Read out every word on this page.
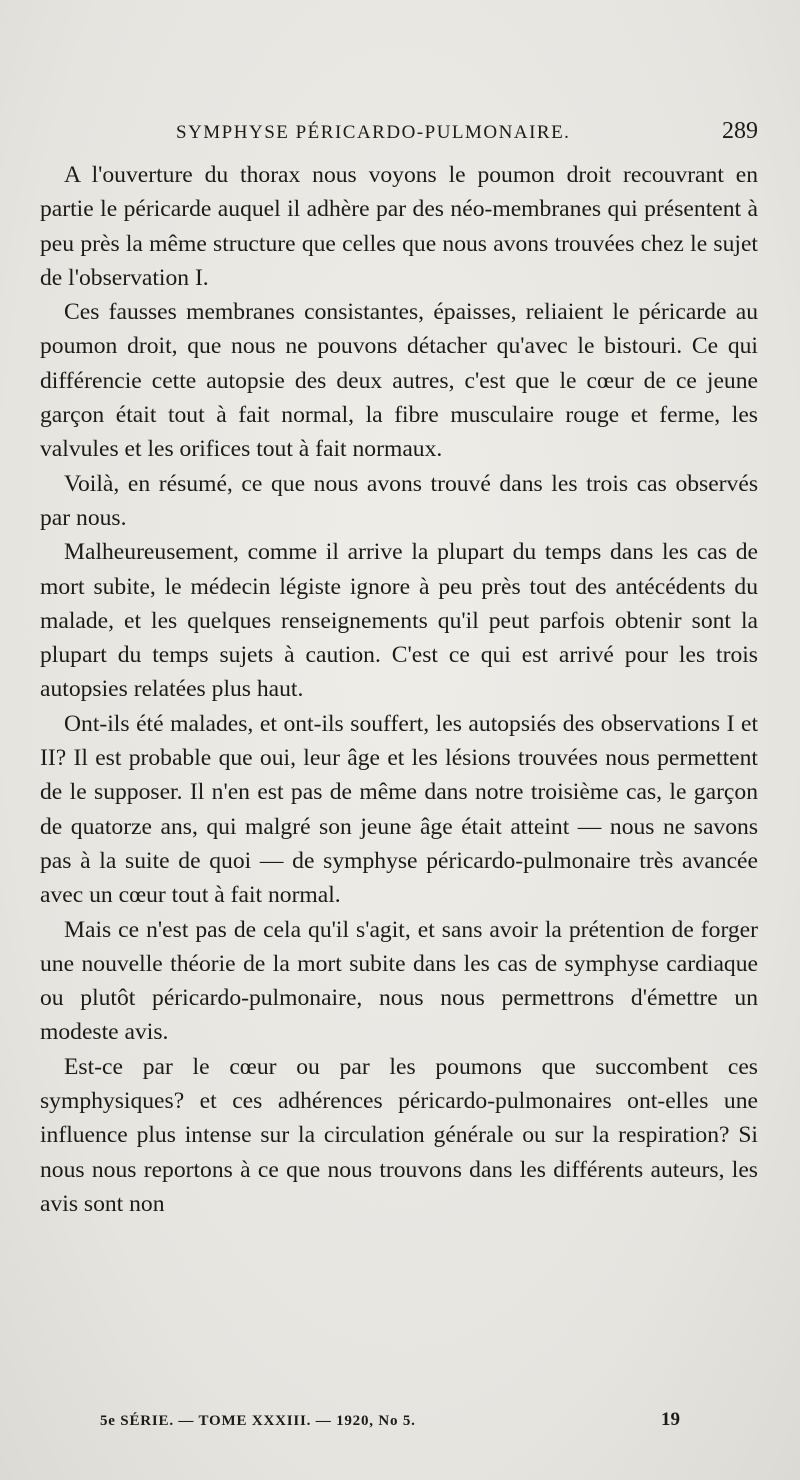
SYMPHYSE PÉRICARDO-PULMONAIRE.	289

A l'ouverture du thorax nous voyons le poumon droit recouvrant en partie le péricarde auquel il adhère par des néo-membranes qui présentent à peu près la même structure que celles que nous avons trouvées chez le sujet de l'observation I.

Ces fausses membranes consistantes, épaisses, reliaient le péricarde au poumon droit, que nous ne pouvons détacher qu'avec le bistouri. Ce qui différencie cette autopsie des deux autres, c'est que le cœur de ce jeune garçon était tout à fait normal, la fibre musculaire rouge et ferme, les valvules et les orifices tout à fait normaux.

Voilà, en résumé, ce que nous avons trouvé dans les trois cas observés par nous.

Malheureusement, comme il arrive la plupart du temps dans les cas de mort subite, le médecin légiste ignore à peu près tout des antécédents du malade, et les quelques renseignements qu'il peut parfois obtenir sont la plupart du temps sujets à caution. C'est ce qui est arrivé pour les trois autopsies relatées plus haut.

Ont-ils été malades, et ont-ils souffert, les autopsiés des observations I et II? Il est probable que oui, leur âge et les lésions trouvées nous permettent de le supposer. Il n'en est pas de même dans notre troisième cas, le garçon de quatorze ans, qui malgré son jeune âge était atteint — nous ne savons pas à la suite de quoi — de symphyse péricardo-pulmonaire très avancée avec un cœur tout à fait normal.

Mais ce n'est pas de cela qu'il s'agit, et sans avoir la prétention de forger une nouvelle théorie de la mort subite dans les cas de symphyse cardiaque ou plutôt péricardo-pulmonaire, nous nous permettrons d'émettre un modeste avis.

Est-ce par le cœur ou par les poumons que succombent ces symphysiques? et ces adhérences péricardo-pulmonaires ont-elles une influence plus intense sur la circulation générale ou sur la respiration? Si nous nous reportons à ce que nous trouvons dans les différents auteurs, les avis sont non

5e SÉRIE. — TOME XXXIII. — 1920, No 5.	19
